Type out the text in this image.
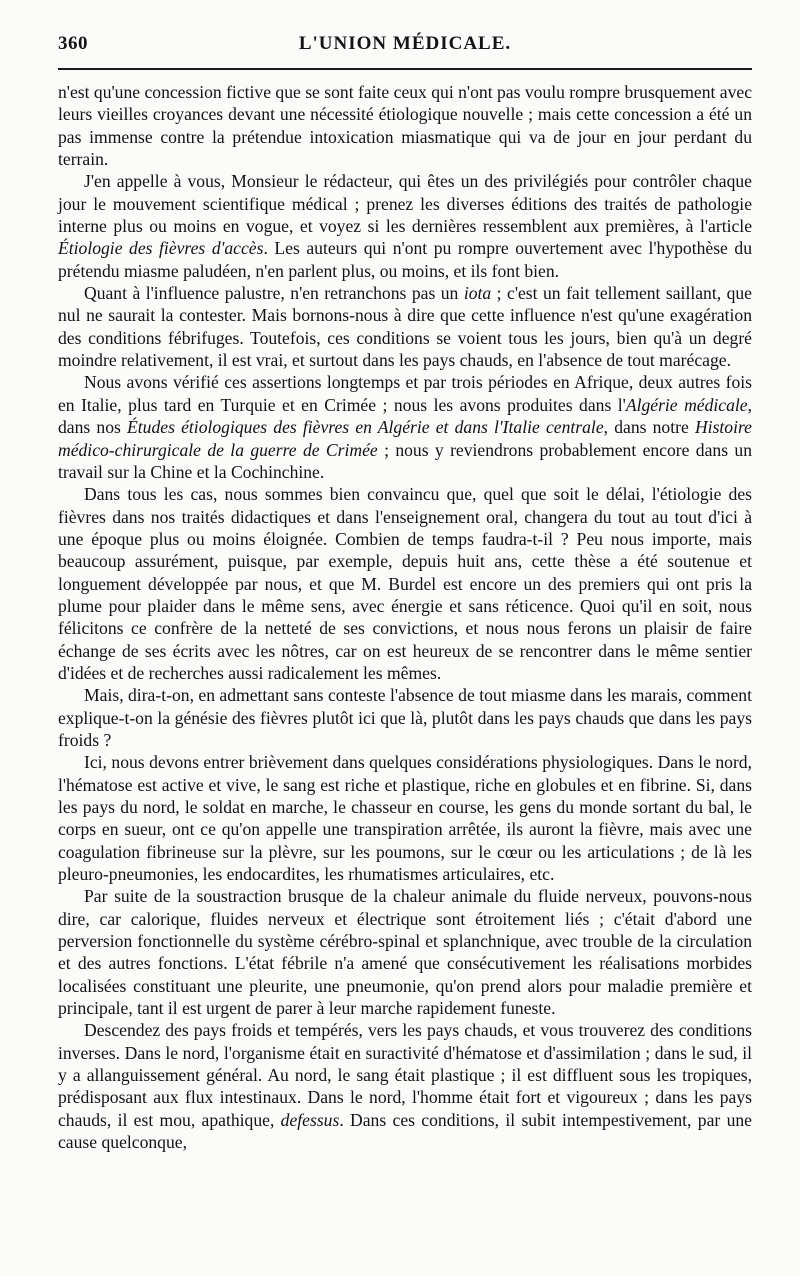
360	L'UNION MÉDICALE.

n'est qu'une concession fictive que se sont faite ceux qui n'ont pas voulu rompre brusquement avec leurs vieilles croyances devant une nécessité étiologique nouvelle ; mais cette concession a été un pas immense contre la prétendue intoxication miasmatique qui va de jour en jour perdant du terrain.

J'en appelle à vous, Monsieur le rédacteur, qui êtes un des privilégiés pour contrôler chaque jour le mouvement scientifique médical ; prenez les diverses éditions des traités de pathologie interne plus ou moins en vogue, et voyez si les dernières ressemblent aux premières, à l'article Étiologie des fièvres d'accès. Les auteurs qui n'ont pu rompre ouvertement avec l'hypothèse du prétendu miasme paludéen, n'en parlent plus, ou moins, et ils font bien.

Quant à l'influence palustre, n'en retranchons pas un iota ; c'est un fait tellement saillant, que nul ne saurait la contester. Mais bornons-nous à dire que cette influence n'est qu'une exagération des conditions fébrifuges. Toutefois, ces conditions se voient tous les jours, bien qu'à un degré moindre relativement, il est vrai, et surtout dans les pays chauds, en l'absence de tout marécage.

Nous avons vérifié ces assertions longtemps et par trois périodes en Afrique, deux autres fois en Italie, plus tard en Turquie et en Crimée ; nous les avons produites dans l'Algérie médicale, dans nos Études étiologiques des fièvres en Algérie et dans l'Italie centrale, dans notre Histoire médico-chirurgicale de la guerre de Crimée ; nous y reviendrons probablement encore dans un travail sur la Chine et la Cochinchine.

Dans tous les cas, nous sommes bien convaincu que, quel que soit le délai, l'étiologie des fièvres dans nos traités didactiques et dans l'enseignement oral, changera du tout au tout d'ici à une époque plus ou moins éloignée. Combien de temps faudra-t-il ? Peu nous importe, mais beaucoup assurément, puisque, par exemple, depuis huit ans, cette thèse a été soutenue et longuement développée par nous, et que M. Burdel est encore un des premiers qui ont pris la plume pour plaider dans le même sens, avec énergie et sans réticence. Quoi qu'il en soit, nous félicitons ce confrère de la netteté de ses convictions, et nous nous ferons un plaisir de faire échange de ses écrits avec les nôtres, car on est heureux de se rencontrer dans le même sentier d'idées et de recherches aussi radicalement les mêmes.

Mais, dira-t-on, en admettant sans conteste l'absence de tout miasme dans les marais, comment explique-t-on la génésie des fièvres plutôt ici que là, plutôt dans les pays chauds que dans les pays froids ?

Ici, nous devons entrer brièvement dans quelques considérations physiologiques. Dans le nord, l'hématose est active et vive, le sang est riche et plastique, riche en globules et en fibrine. Si, dans les pays du nord, le soldat en marche, le chasseur en course, les gens du monde sortant du bal, le corps en sueur, ont ce qu'on appelle une transpiration arrêtée, ils auront la fièvre, mais avec une coagulation fibrineuse sur la plèvre, sur les poumons, sur le cœur ou les articulations ; de là les pleuro-pneumonies, les endocardites, les rhumatismes articulaires, etc.

Par suite de la soustraction brusque de la chaleur animale du fluide nerveux, pouvons-nous dire, car calorique, fluides nerveux et électrique sont étroitement liés ; c'était d'abord une perversion fonctionnelle du système cérébro-spinal et splanchnique, avec trouble de la circulation et des autres fonctions. L'état fébrile n'a amené que consécutivement les réalisations morbides localisées constituant une pleurite, une pneumonie, qu'on prend alors pour maladie première et principale, tant il est urgent de parer à leur marche rapidement funeste.

Descendez des pays froids et tempérés, vers les pays chauds, et vous trouverez des conditions inverses. Dans le nord, l'organisme était en suractivité d'hématose et d'assimilation ; dans le sud, il y a allanguissement général. Au nord, le sang était plastique ; il est diffluent sous les tropiques, prédisposant aux flux intestinaux. Dans le nord, l'homme était fort et vigoureux ; dans les pays chauds, il est mou, apathique, defessus. Dans ces conditions, il subit intempestivement, par une cause quelconque,
